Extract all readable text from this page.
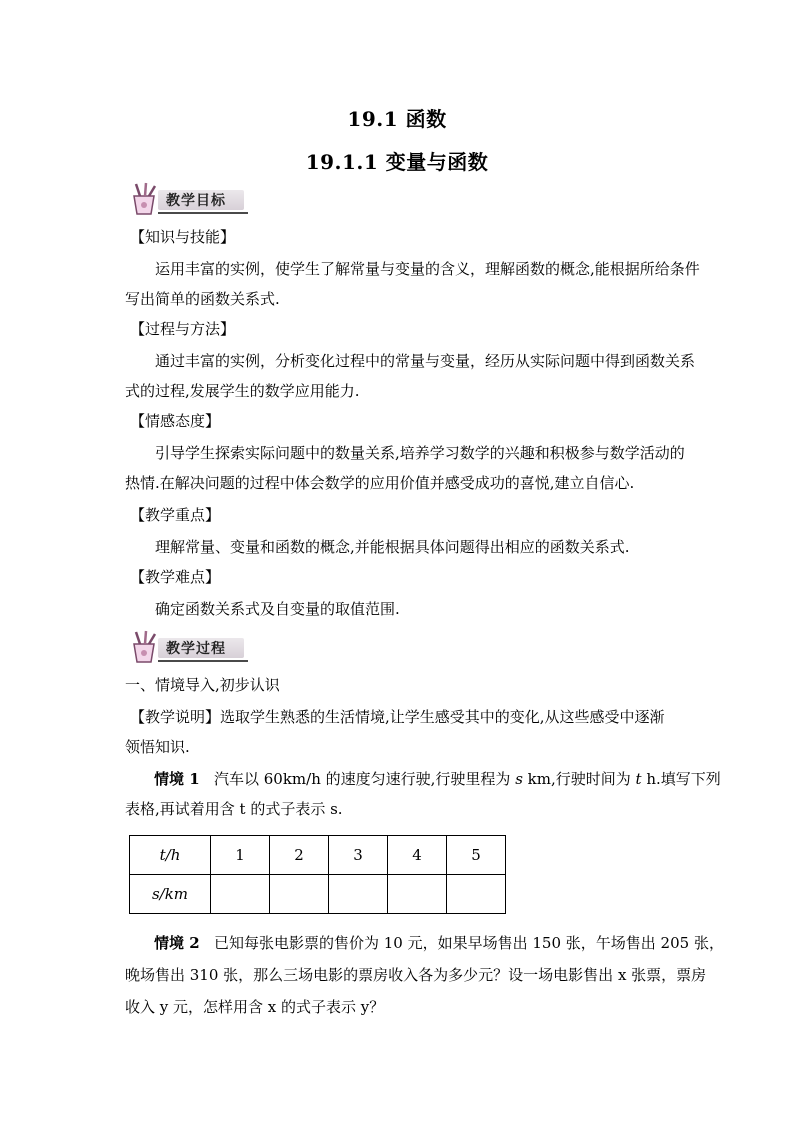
19.1 函数
19.1.1 变量与函数
教学目标
【知识与技能】
运用丰富的实例，使学生了解常量与变量的含义，理解函数的概念,能根据所给条件
写出简单的函数关系式.
【过程与方法】
通过丰富的实例，分析变化过程中的常量与变量，经历从实际问题中得到函数关系
式的过程,发展学生的数学应用能力.
【情感态度】
引导学生探索实际问题中的数量关系,培养学习数学的兴趣和积极参与数学活动的
热情.在解决问题的过程中体会数学的应用价值并感受成功的喜悦,建立自信心.
【教学重点】
理解常量、变量和函数的概念,并能根据具体问题得出相应的函数关系式.
【教学难点】
确定函数关系式及自变量的取值范围.
教学过程
一、情境导入,初步认识
【教学说明】选取学生熟悉的生活情境,让学生感受其中的变化,从这些感受中逐渐
领悟知识.
情境 1 汽车以 60km/h 的速度匀速行驶,行驶里程为 s km,行驶时间为 t h.填写下列
表格,再试着用含 t 的式子表示 s.
t/h	1	2	3	4	5
s/km					
情境 2 已知每张电影票的售价为 10 元，如果早场售出 150 张，午场售出 205 张，
晚场售出 310 张，那么三场电影的票房收入各为多少元？设一场电影售出 x 张票，票房
收入 y 元，怎样用含 x 的式子表示 y？
